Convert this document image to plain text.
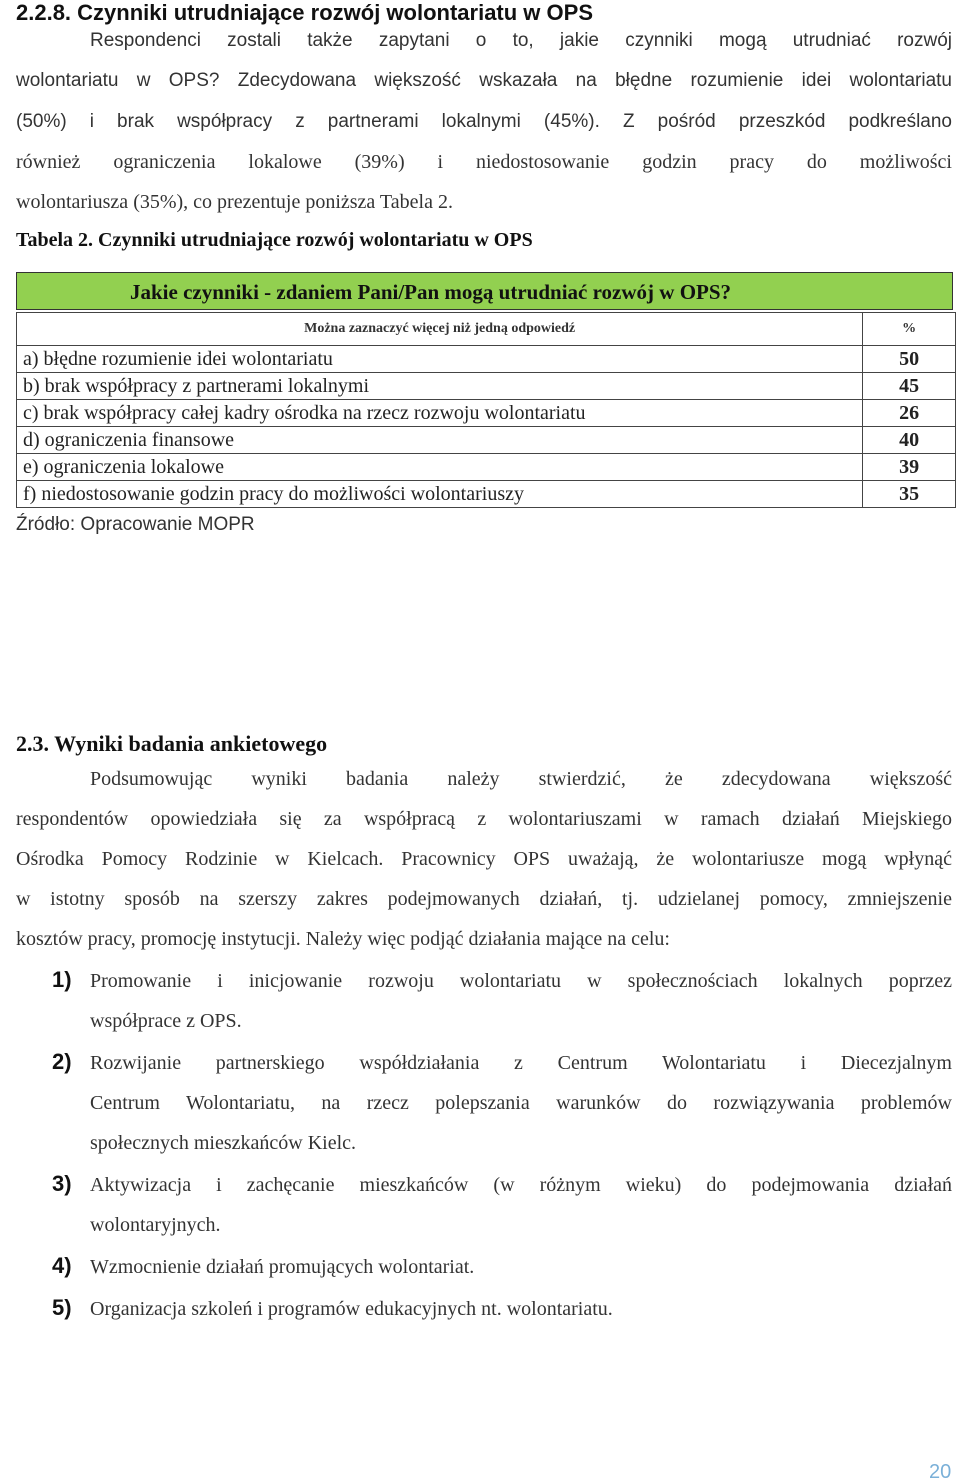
2.2.8. Czynniki utrudniające rozwój wolontariatu w OPS
Respondenci zostali także zapytani o to, jakie czynniki mogą utrudniać rozwój
wolontariatu w OPS? Zdecydowana większość wskazała na błędne rozumienie idei wolontariatu
(50%) i brak współpracy z partnerami lokalnymi (45%). Z pośród przeszkód podkreślano
również ograniczenia lokalowe (39%) i niedostosowanie godzin pracy do możliwości
wolontariusza (35%), co prezentuje poniższa Tabela 2.
Tabela 2. Czynniki utrudniające rozwój wolontariatu w OPS
Jakie czynniki - zdaniem Pani/Pan mogą utrudniać rozwój w OPS?
Można zaznaczyć więcej niż jedną odpowiedź	%
a) błędne rozumienie idei wolontariatu	50
b) brak współpracy z partnerami lokalnymi	45
c) brak współpracy całej kadry ośrodka na rzecz rozwoju wolontariatu	26
d) ograniczenia finansowe	40
e) ograniczenia lokalowe	39
f) niedostosowanie godzin pracy do możliwości wolontariuszy	35
Źródło: Opracowanie MOPR
2.3. Wyniki badania ankietowego
Podsumowując wyniki badania należy stwierdzić, że zdecydowana większość
respondentów opowiedziała się za współpracą z wolontariuszami w ramach działań Miejskiego
Ośrodka Pomocy Rodzinie w Kielcach. Pracownicy OPS uważają, że wolontariusze mogą wpłynąć
w istotny sposób na szerszy zakres podejmowanych działań, tj. udzielanej pomocy, zmniejszenie
kosztów pracy, promocję instytucji. Należy więc podjąć działania mające na celu:
1) Promowanie i inicjowanie rozwoju wolontariatu w społecznościach lokalnych poprzez
współprace z OPS.
2) Rozwijanie partnerskiego współdziałania z Centrum Wolontariatu i Diecezjalnym
Centrum Wolontariatu, na rzecz polepszania warunków do rozwiązywania problemów
społecznych mieszkańców Kielc.
3) Aktywizacja i zachęcanie mieszkańców (w różnym wieku) do podejmowania działań
wolontaryjnych.
4) Wzmocnienie działań promujących wolontariat.
5) Organizacja szkoleń i programów edukacyjnych nt. wolontariatu.
20
